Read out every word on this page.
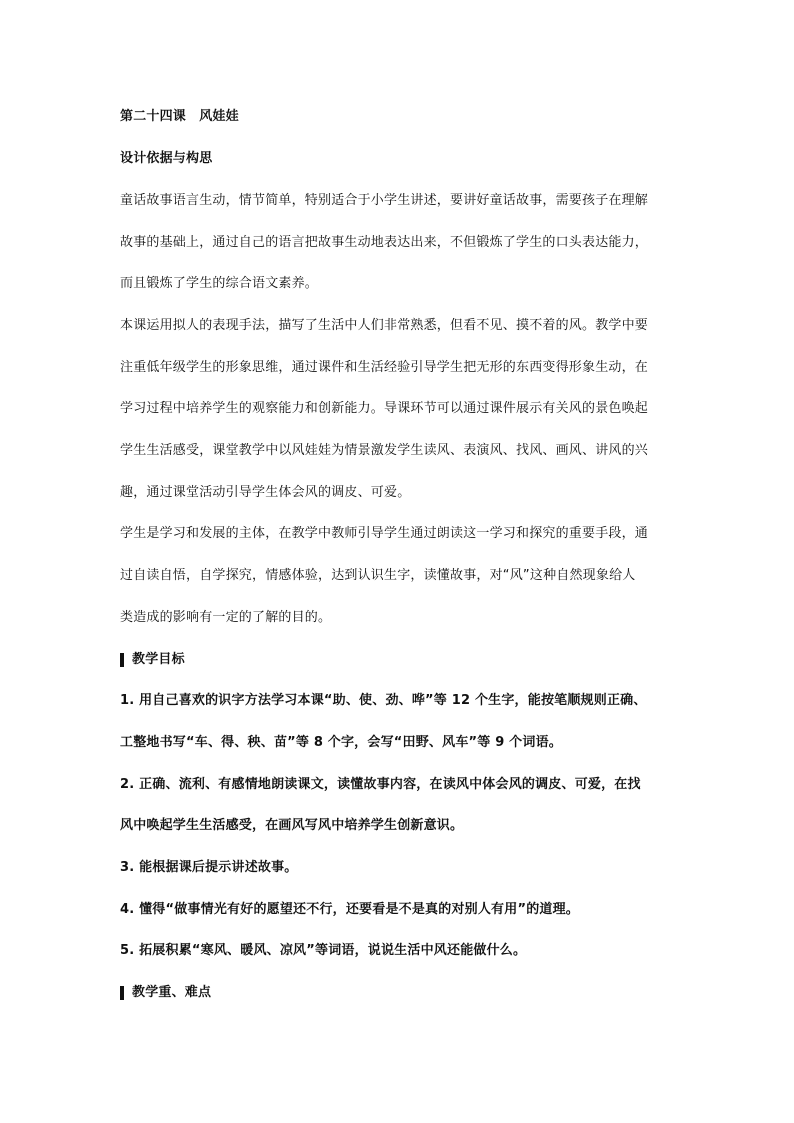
第二十四课　风娃娃
设计依据与构思
童话故事语言生动，情节简单，特别适合于小学生讲述，要讲好童话故事，需要孩子在理解
故事的基础上，通过自己的语言把故事生动地表达出来，不但锻炼了学生的口头表达能力，
而且锻炼了学生的综合语文素养。
本课运用拟人的表现手法，描写了生活中人们非常熟悉，但看不见、摸不着的风。教学中要
注重低年级学生的形象思维，通过课件和生活经验引导学生把无形的东西变得形象生动，在
学习过程中培养学生的观察能力和创新能力。导课环节可以通过课件展示有关风的景色唤起
学生生活感受，课堂教学中以风娃娃为情景激发学生读风、表演风、找风、画风、讲风的兴
趣，通过课堂活动引导学生体会风的调皮、可爱。
学生是学习和发展的主体，在教学中教师引导学生通过朗读这一学习和探究的重要手段，通
过自读自悟，自学探究，情感体验，达到认识生字，读懂故事，对“风”这种自然现象给人
类造成的影响有一定的了解的目的。
教学目标
1. 用自己喜欢的识字方法学习本课“助、使、劲、哗”等 12 个生字，能按笔顺规则正确、
工整地书写“车、得、秧、苗”等 8 个字，会写“田野、风车”等 9 个词语。
2. 正确、流利、有感情地朗读课文，读懂故事内容，在读风中体会风的调皮、可爱，在找
风中唤起学生生活感受，在画风写风中培养学生创新意识。
3. 能根据课后提示讲述故事。
4. 懂得“做事情光有好的愿望还不行，还要看是不是真的对别人有用”的道理。
5. 拓展积累“寒风、暖风、凉风”等词语，说说生活中风还能做什么。
教学重、难点
